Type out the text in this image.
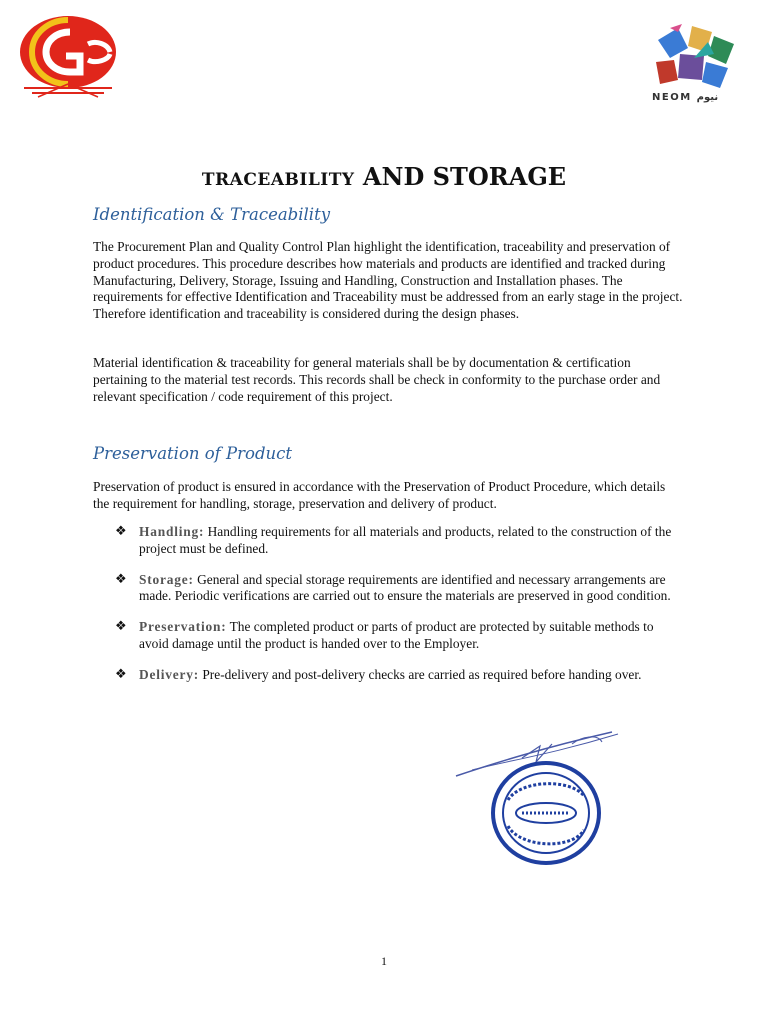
NEOM نيوم
TRACEABILITY AND STORAGE
Identification & Traceability

The Procurement Plan and Quality Control Plan highlight the identification, traceability and preservation of product procedures. This procedure describes how materials and products are identified and tracked during Manufacturing, Delivery, Storage, Issuing and Handling, Construction and Installation phases. The requirements for effective Identification and Traceability must be addressed from an early stage in the project. Therefore identification and traceability is considered during the design phases.

Material identification & traceability for general materials shall be by documentation & certification pertaining to the material test records. This records shall be check in conformity to the purchase order and relevant specification / code requirement of this project.

Preservation of Product

Preservation of product is ensured in accordance with the Preservation of Product Procedure, which details the requirement for handling, storage, preservation and delivery of product.

❖ Handling: Handling requirements for all materials and products, related to the construction of the project must be defined.
❖ Storage: General and special storage requirements are identified and necessary arrangements are made. Periodic verifications are carried out to ensure the materials are preserved in good condition.
❖ Preservation: The completed product or parts of product are protected by suitable methods to avoid damage until the product is handed over to the Employer.
❖ Delivery: Pre-delivery and post-delivery checks are carried as required before handing over.
1
